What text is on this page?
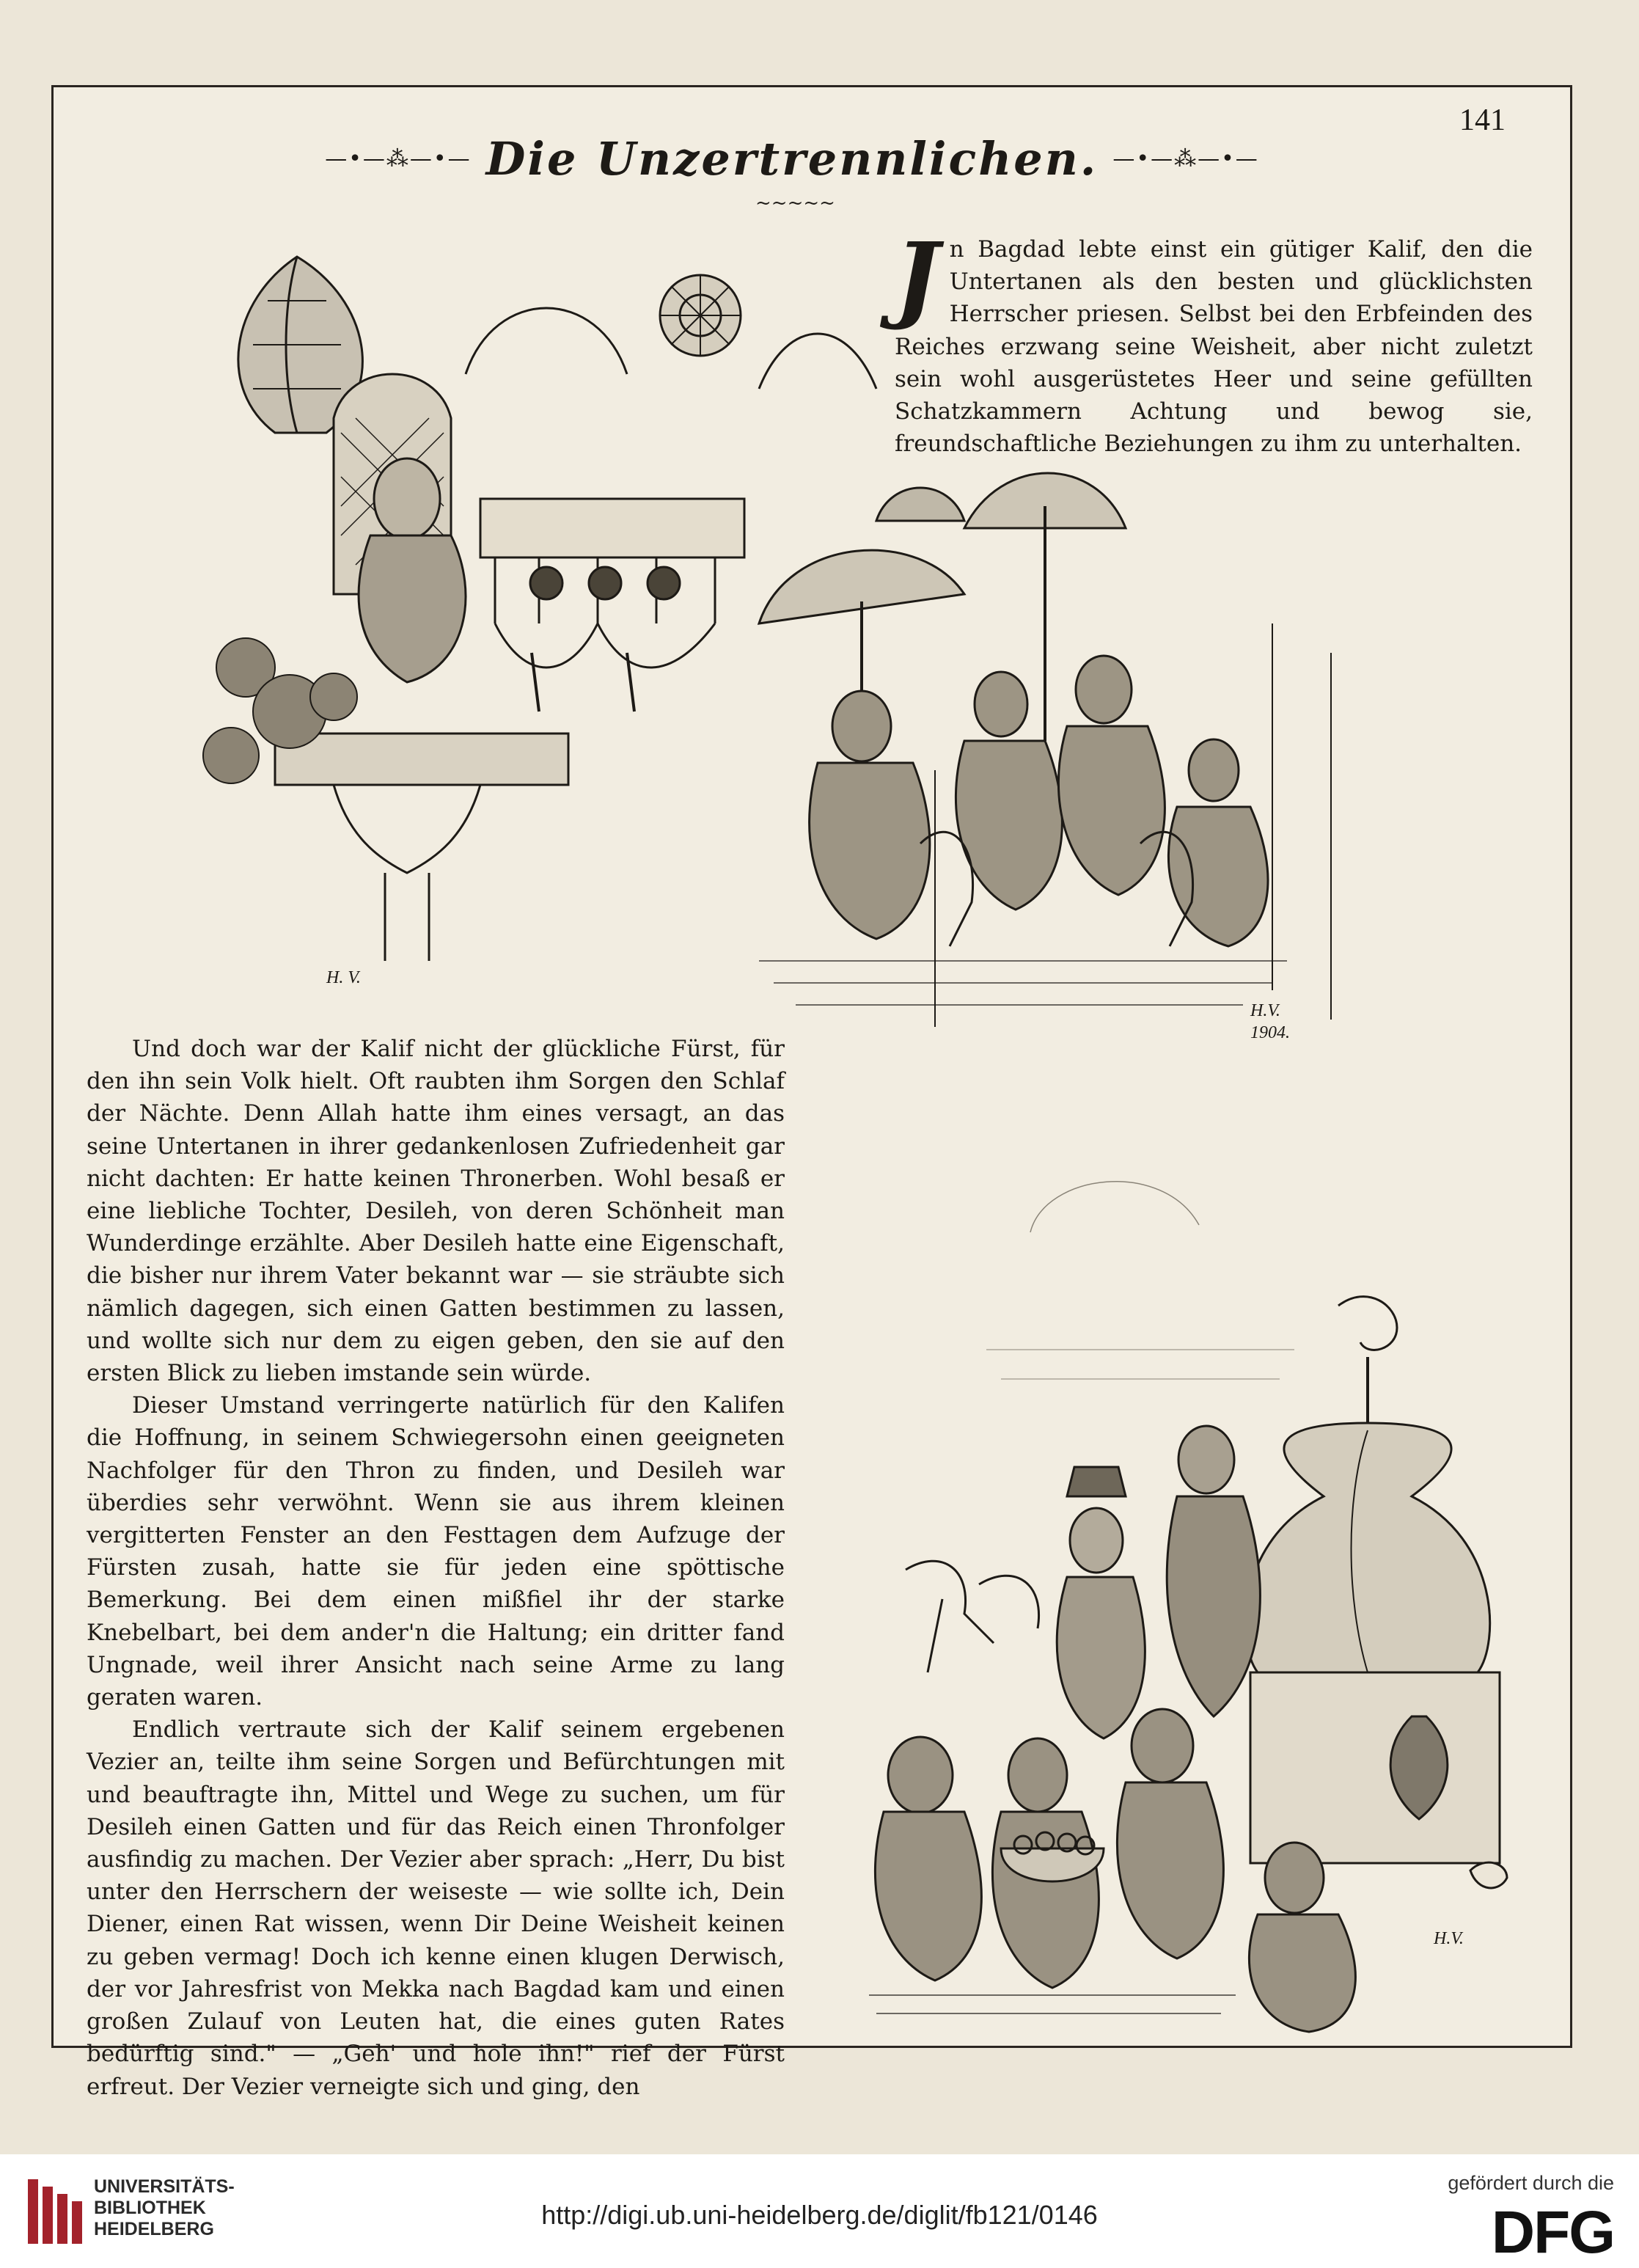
141
—•—⁂—•— Die Unzertrennlichen. —•—⁂—•—
~~~~~
H. V.
H.V.
1904.
J n Bagdad lebte einst ein gütiger Kalif, den die Untertanen als den besten und glücklichsten Herrscher priesen. Selbst bei den Erbfeinden des Reiches erzwang seine Weisheit, aber nicht zuletzt sein wohl ausgerüstetes Heer und seine gefüllten Schatzkammern Achtung und bewog sie, freundschaftliche Beziehungen zu ihm zu unterhalten.

Und doch war der Kalif nicht der glückliche Fürst, für den ihn sein Volk hielt. Oft raubten ihm Sorgen den Schlaf der Nächte. Denn Allah hatte ihm eines versagt, an das seine Untertanen in ihrer gedankenlosen Zufriedenheit gar nicht dachten: Er hatte keinen Thronerben. Wohl besaß er eine liebliche Tochter, Desileh, von deren Schönheit man Wunderdinge erzählte. Aber Desileh hatte eine Eigenschaft, die bisher nur ihrem Vater bekannt war — sie sträubte sich nämlich dagegen, sich einen Gatten bestimmen zu lassen, und wollte sich nur dem zu eigen geben, den sie auf den ersten Blick zu lieben imstande sein würde.

Dieser Umstand verringerte natürlich für den Kalifen die Hoffnung, in seinem Schwiegersohn einen geeigneten Nachfolger für den Thron zu finden, und Desileh war überdies sehr verwöhnt. Wenn sie aus ihrem kleinen vergitterten Fenster an den Festtagen dem Aufzuge der Fürsten zusah, hatte sie für jeden eine spöttische Bemerkung. Bei dem einen mißfiel ihr der starke Knebelbart, bei dem ander'n die Haltung; ein dritter fand Ungnade, weil ihrer Ansicht nach seine Arme zu lang geraten waren.

Endlich vertraute sich der Kalif seinem ergebenen Vezier an, teilte ihm seine Sorgen und Befürchtungen mit und beauftragte ihn, Mittel und Wege zu suchen, um für Desileh einen Gatten und für das Reich einen Thronfolger ausfindig zu machen. Der Vezier aber sprach: „Herr, Du bist unter den Herrschern der weiseste — wie sollte ich, Dein Diener, einen Rat wissen, wenn Dir Deine Weisheit keinen zu geben vermag! Doch ich kenne einen klugen Derwisch, der vor Jahresfrist von Mekka nach Bagdad kam und einen großen Zulauf von Leuten hat, die eines guten Rates bedürftig sind." — „Geh' und hole ihn!" rief der Fürst erfreut. Der Vezier verneigte sich und ging, den

H.V.
UNIVERSITÄTS-
BIBLIOTHEK
HEIDELBERG	http://digi.ub.uni-heidelberg.de/diglit/fb121/0146
gefördert durch die
DFG
